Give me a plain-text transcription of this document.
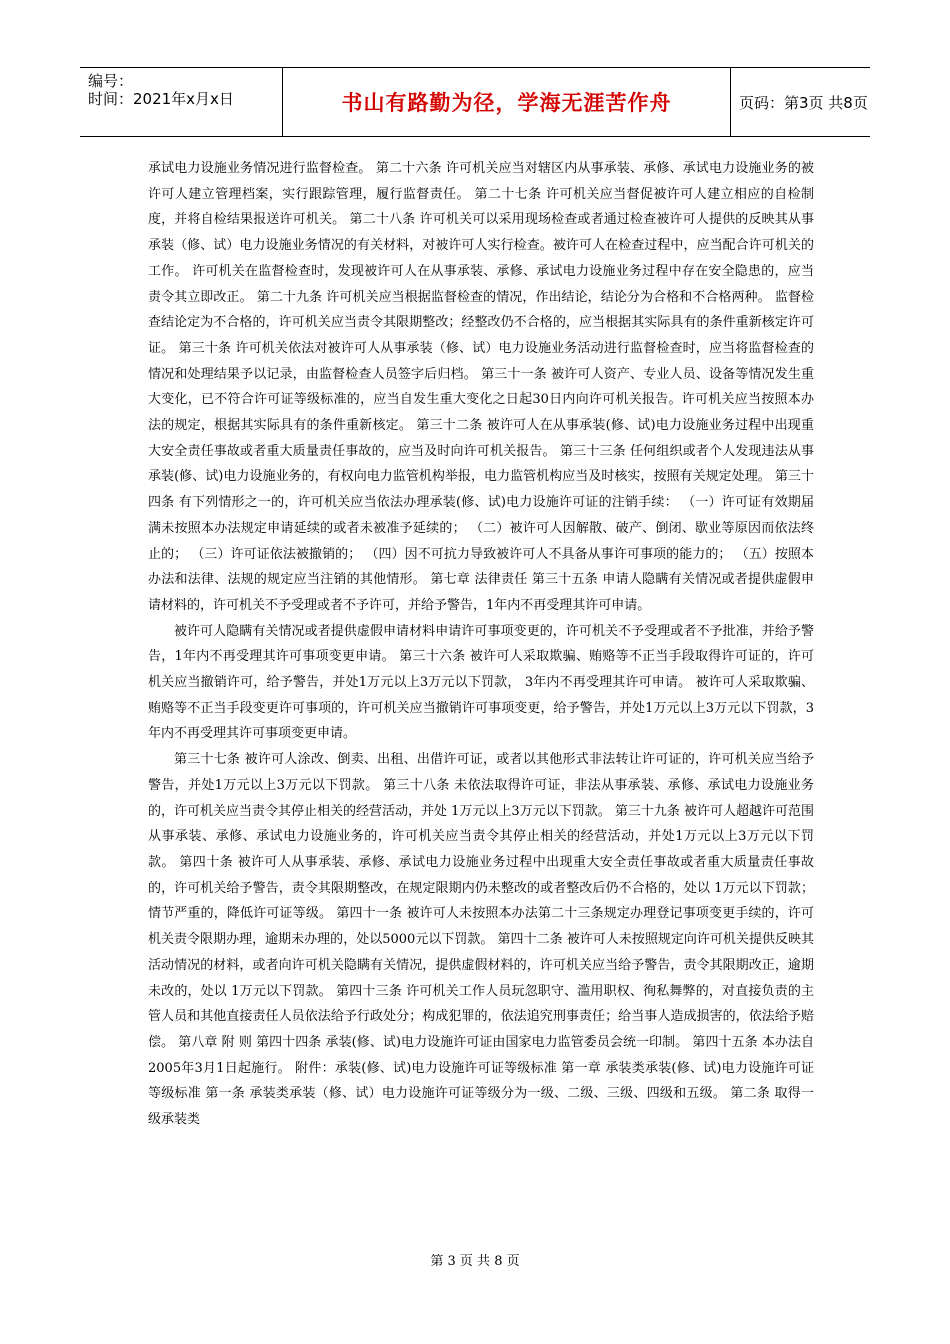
编号：
时间：2021年x月x日	书山有路勤为径，学海无涯苦作舟	页码：第3页 共8页

承试电力设施业务情况进行监督检查。 第二十六条 许可机关应当对辖区内从事承装、承修、承试电力设施业务的被许可人建立管理档案，实行跟踪管理，履行监督责任。 第二十七条 许可机关应当督促被许可人建立相应的自检制度，并将自检结果报送许可机关。 第二十八条 许可机关可以采用现场检查或者通过检查被许可人提供的反映其从事承装（修、试）电力设施业务情况的有关材料，对被许可人实行检查。被许可人在检查过程中，应当配合许可机关的工作。 许可机关在监督检查时，发现被许可人在从事承装、承修、承试电力设施业务过程中存在安全隐患的，应当责令其立即改正。 第二十九条 许可机关应当根据监督检查的情况，作出结论，结论分为合格和不合格两种。 监督检查结论定为不合格的，许可机关应当责令其限期整改；经整改仍不合格的，应当根据其实际具有的条件重新核定许可证。 第三十条 许可机关依法对被许可人从事承装（修、试）电力设施业务活动进行监督检查时，应当将监督检查的情况和处理结果予以记录，由监督检查人员签字后归档。 第三十一条 被许可人资产、专业人员、设备等情况发生重大变化，已不符合许可证等级标准的，应当自发生重大变化之日起30日内向许可机关报告。许可机关应当按照本办法的规定，根据其实际具有的条件重新核定。 第三十二条 被许可人在从事承装(修、试)电力设施业务过程中出现重大安全责任事故或者重大质量责任事故的，应当及时向许可机关报告。 第三十三条 任何组织或者个人发现违法从事承装(修、试)电力设施业务的，有权向电力监管机构举报，电力监管机构应当及时核实，按照有关规定处理。 第三十四条 有下列情形之一的，许可机关应当依法办理承装(修、试)电力设施许可证的注销手续： （一）许可证有效期届满未按照本办法规定申请延续的或者未被准予延续的； （二）被许可人因解散、破产、倒闭、歇业等原因而依法终止的； （三）许可证依法被撤销的； （四）因不可抗力导致被许可人不具备从事许可事项的能力的； （五）按照本办法和法律、法规的规定应当注销的其他情形。 第七章 法律责任 第三十五条 申请人隐瞒有关情况或者提供虚假申请材料的，许可机关不予受理或者不予许可，并给予警告，1年内不再受理其许可申请。

被许可人隐瞒有关情况或者提供虚假申请材料申请许可事项变更的，许可机关不予受理或者不予批准，并给予警告，1年内不再受理其许可事项变更申请。 第三十六条 被许可人采取欺骗、贿赂等不正当手段取得许可证的，许可机关应当撤销许可，给予警告，并处1万元以上3万元以下罚款， 3年内不再受理其许可申请。 被许可人采取欺骗、贿赂等不正当手段变更许可事项的，许可机关应当撤销许可事项变更，给予警告，并处1万元以上3万元以下罚款，3年内不再受理其许可事项变更申请。

第三十七条 被许可人涂改、倒卖、出租、出借许可证，或者以其他形式非法转让许可证的，许可机关应当给予警告，并处1万元以上3万元以下罚款。 第三十八条 未依法取得许可证，非法从事承装、承修、承试电力设施业务的，许可机关应当责令其停止相关的经营活动，并处 1万元以上3万元以下罚款。 第三十九条 被许可人超越许可范围从事承装、承修、承试电力设施业务的，许可机关应当责令其停止相关的经营活动，并处1万元以上3万元以下罚款。 第四十条 被许可人从事承装、承修、承试电力设施业务过程中出现重大安全责任事故或者重大质量责任事故的，许可机关给予警告，责令其限期整改，在规定限期内仍未整改的或者整改后仍不合格的，处以 1万元以下罚款；情节严重的，降低许可证等级。 第四十一条 被许可人未按照本办法第二十三条规定办理登记事项变更手续的，许可机关责令限期办理，逾期未办理的，处以5000元以下罚款。 第四十二条 被许可人未按照规定向许可机关提供反映其活动情况的材料，或者向许可机关隐瞒有关情况，提供虚假材料的，许可机关应当给予警告，责令其限期改正，逾期未改的，处以 1万元以下罚款。 第四十三条 许可机关工作人员玩忽职守、滥用职权、徇私舞弊的，对直接负责的主管人员和其他直接责任人员依法给予行政处分；构成犯罪的，依法追究刑事责任；给当事人造成损害的，依法给予赔偿。 第八章 附 则 第四十四条 承装(修、试)电力设施许可证由国家电力监管委员会统一印制。 第四十五条 本办法自2005年3月1日起施行。 附件：承装(修、试)电力设施许可证等级标准 第一章 承装类承装(修、试)电力设施许可证等级标准 第一条 承装类承装（修、试）电力设施许可证等级分为一级、二级、三级、四级和五级。 第二条 取得一级承装类

第 3 页 共 8 页
